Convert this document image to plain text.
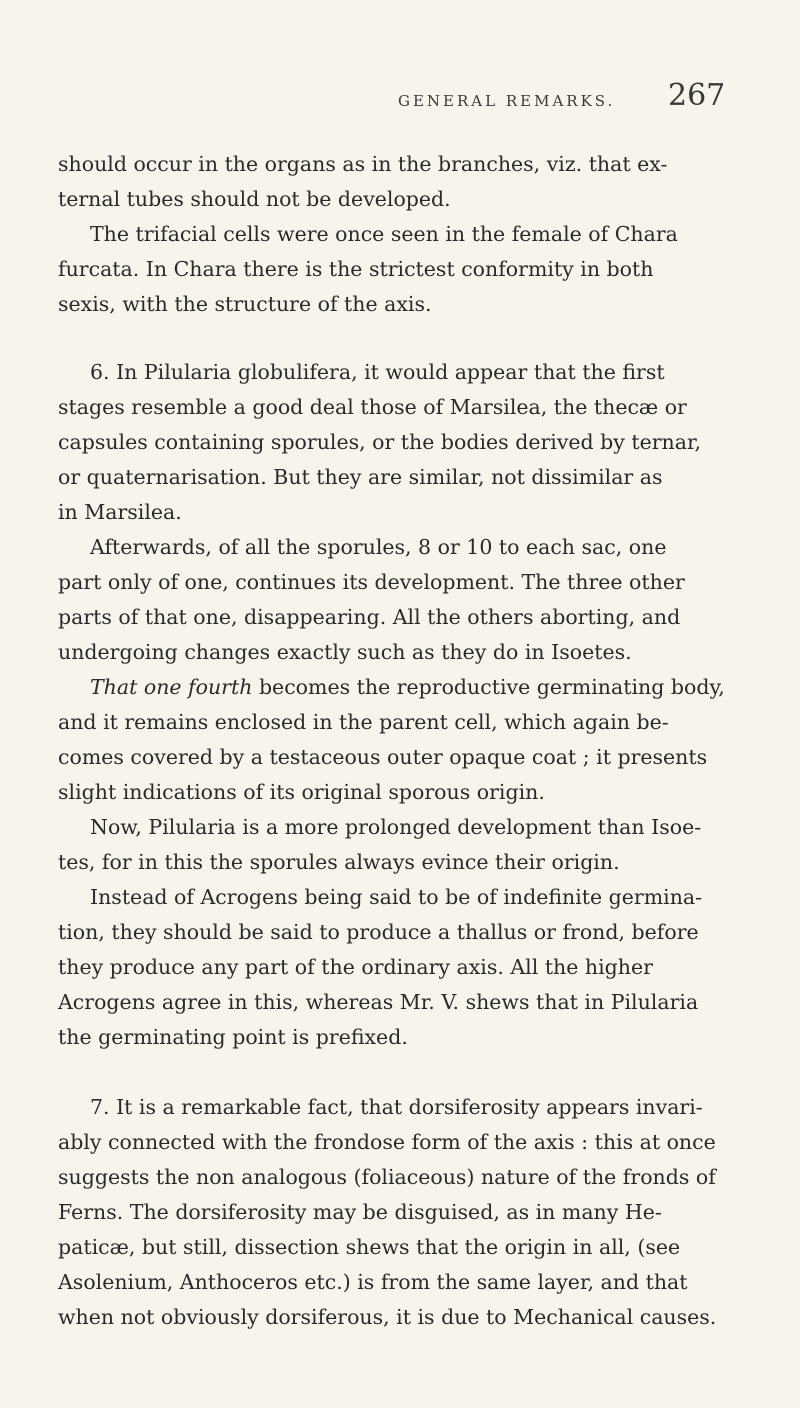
GENERAL REMARKS. 267
should occur in the organs as in the branches, viz. that ex-
ternal tubes should not be developed.
The trifacial cells were once seen in the female of Chara
furcata. In Chara there is the strictest conformity in both
sexis, with the structure of the axis.
6. In Pilularia globulifera, it would appear that the first
stages resemble a good deal those of Marsilea, the thecæ or
capsules containing sporules, or the bodies derived by ternar,
or quaternarisation. But they are similar, not dissimilar as
in Marsilea.
Afterwards, of all the sporules, 8 or 10 to each sac, one
part only of one, continues its development. The three other
parts of that one, disappearing. All the others aborting, and
undergoing changes exactly such as they do in Isoetes.
That one fourth becomes the reproductive germinating body,
and it remains enclosed in the parent cell, which again be-
comes covered by a testaceous outer opaque coat ; it presents
slight indications of its original sporous origin.
Now, Pilularia is a more prolonged development than Isoe-
tes, for in this the sporules always evince their origin.
Instead of Acrogens being said to be of indefinite germina-
tion, they should be said to produce a thallus or frond, before
they produce any part of the ordinary axis. All the higher
Acrogens agree in this, whereas Mr. V. shews that in Pilularia
the germinating point is prefixed.
7. It is a remarkable fact, that dorsiferosity appears invari-
ably connected with the frondose form of the axis : this at once
suggests the non analogous (foliaceous) nature of the fronds of
Ferns. The dorsiferosity may be disguised, as in many He-
paticæ, but still, dissection shews that the origin in all, (see
Asolenium, Anthoceros etc.) is from the same layer, and that
when not obviously dorsiferous, it is due to Mechanical causes.
